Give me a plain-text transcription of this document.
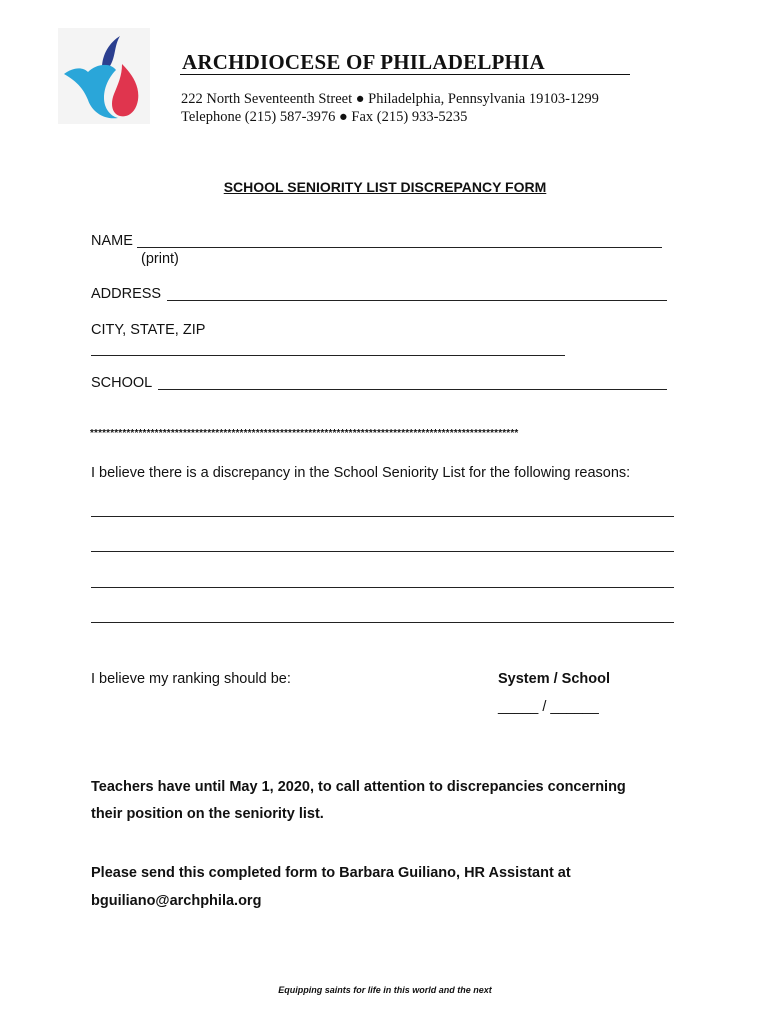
ARCHDIOCESE OF PHILADELPHIA
222 North Seventeenth Street ● Philadelphia, Pennsylvania 19103-1299
Telephone (215) 587-3976 ● Fax (215) 933-5235
SCHOOL SENIORITY LIST DISCREPANCY FORM
NAME
(print)
ADDRESS
CITY, STATE, ZIP
SCHOOL
**********************************************************************************************************
I believe there is a discrepancy in the School Seniority List for the following reasons:
I believe my ranking should be:	System / School
_____ / ______
Teachers have until May 1, 2020, to call attention to discrepancies concerning
their position on the seniority list.
Please send this completed form to Barbara Guiliano, HR Assistant at
bguiliano@archphila.org
Equipping saints for life in this world and the next
